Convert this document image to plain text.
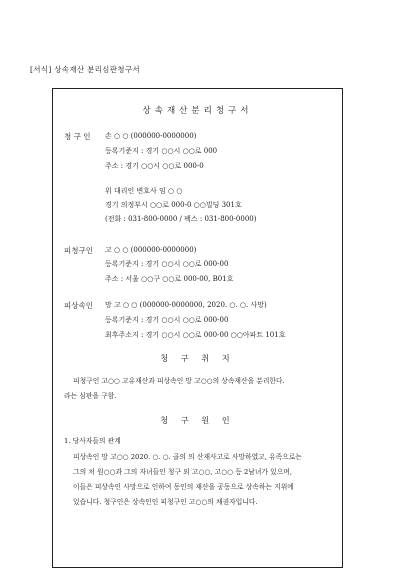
[서식] 상속재산 분리심판청구서
상속재산분리청구서
청 구 인 손 ○ ○ (000000-0000000)
등록기준지 : 경기 ○○시 ○○로 000
주소 : 경기 ○○시 ○○로 000-0
위 대리인 변호사 임 ○ ○
경기 의정부시 ○○로 000-0 ○○빌딩 301호
(전화 : 031-800-0000 / 팩스 : 031-800-0000)
피청구인 고 ○ ○ (000000-0000000)
등록기준지 : 경기 ○○시 ○○로 000-00
주소 : 서울 ○○구 ○○로 000-00, B01호
피상속인 망 고 ○ ○ (000000-0000000, 2020. ○. ○. 사망)
등록기준지 : 경기 ○○시 ○○로 000-00
최후주소지 : 경기 ○○시 ○○로 000-00 ○○아파트 101호
청 구 취 지
피청구인 고○○ 고유재산과 피상속인 망 고○○의 상속재산을 분리한다.
라는 심판을 구함.
청 구 원 인
1. 당사자들의 관계
피상속인 망 고○○ 2020. ○. ○. 골의 의 산재사고로 사망하였고, 유족으로는
그의 처 원○○과 그의 자녀들인 청구 외 고○○, 고○○ 등 2남녀가 있으며,
이들은 피상속인 사망으로 인하여 동인의 재산을 공동으로 상속하는 지위에
있습니다. 청구인은 상속인인 피청구인 고○○의 채권자입니다.
